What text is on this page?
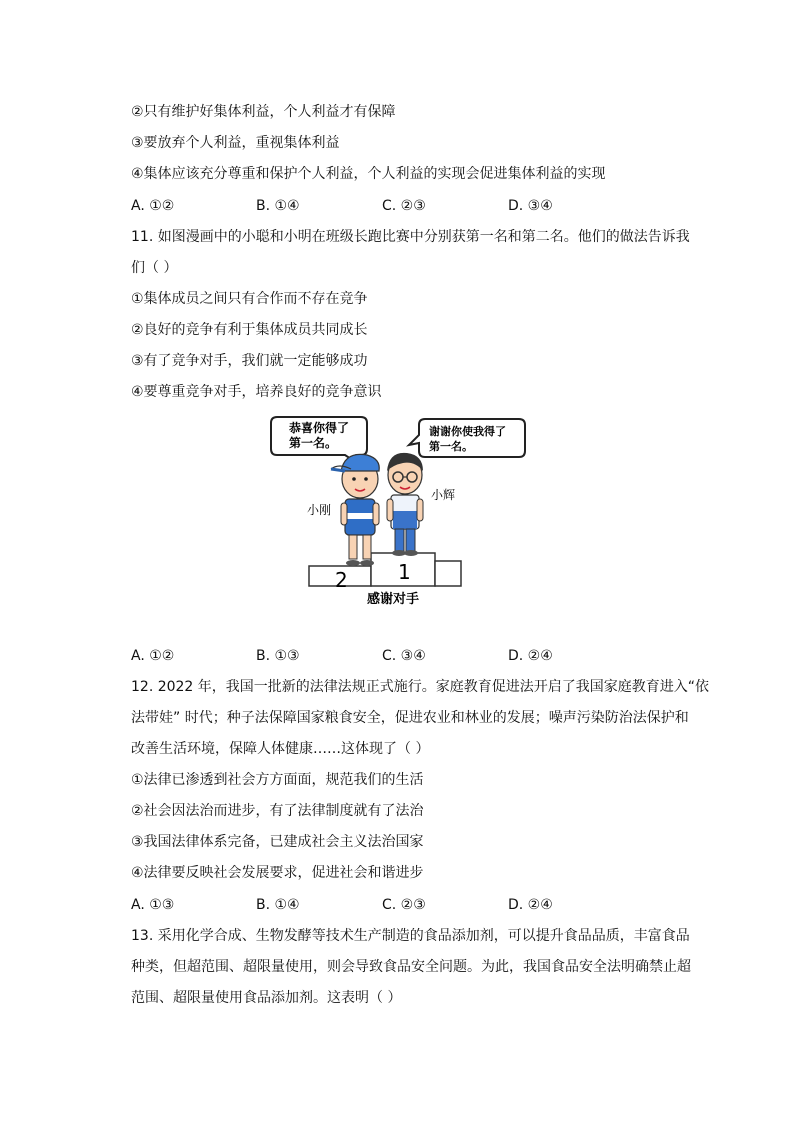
②只有维护好集体利益，个人利益才有保障
③要放弃个人利益，重视集体利益
④集体应该充分尊重和保护个人利益，个人利益的实现会促进集体利益的实现
A. ①②	B. ①④	C. ②③	D. ③④
11. 如图漫画中的小聪和小明在班级长跑比赛中分别获第一名和第二名。他们的做法告诉我
们（ ）
①集体成员之间只有合作而不存在竞争
②良好的竞争有利于集体成员共同成长
③有了竞争对手，我们就一定能够成功
④要尊重竞争对手，培养良好的竞争意识
恭喜你得了
第一名。
谢谢你使我得了
第一名。
2	1
小刚
小辉
感谢对手
A. ①②	B. ①③	C. ③④	D. ②④
12. 2022 年，我国一批新的法律法规正式施行。家庭教育促进法开启了我国家庭教育进入“依
法带娃” 时代；种子法保障国家粮食安全，促进农业和林业的发展；噪声污染防治法保护和
改善生活环境，保障人体健康……这体现了（ ）
①法律已渗透到社会方方面面，规范我们的生活
②社会因法治而进步，有了法律制度就有了法治
③我国法律体系完备，已建成社会主义法治国家
④法律要反映社会发展要求，促进社会和谐进步
A. ①③	B. ①④	C. ②③	D. ②④
13. 采用化学合成、生物发酵等技术生产制造的食品添加剂，可以提升食品品质，丰富食品
种类，但超范围、超限量使用，则会导致食品安全问题。为此，我国食品安全法明确禁止超
范围、超限量使用食品添加剂。这表明（ ）
